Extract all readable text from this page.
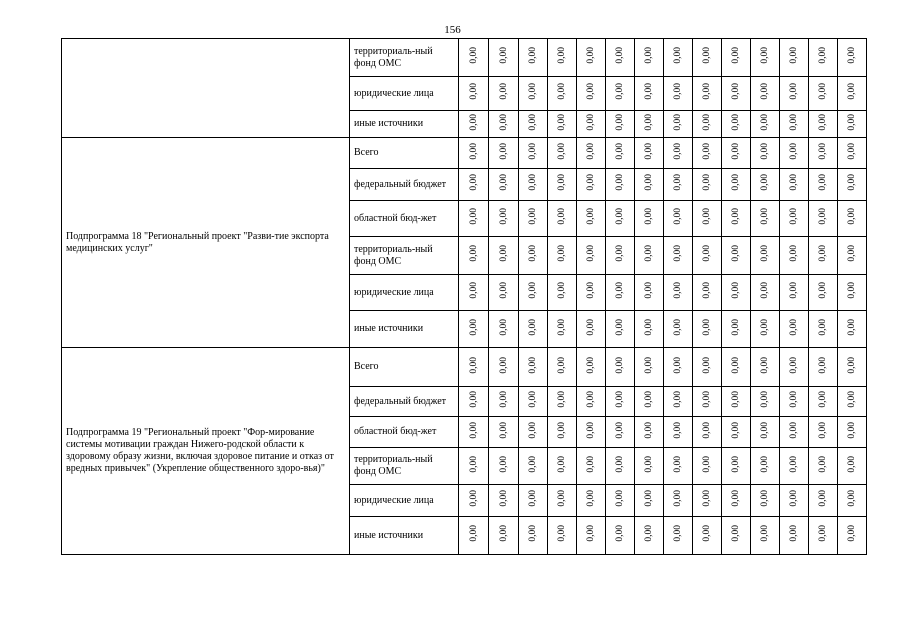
156
	территориаль-ный фонд ОМС	0,00	0,00	0,00	0,00	0,00	0,00	0,00	0,00	0,00	0,00	0,00	0,00	0,00	0,00
	юридические лица	0,00	0,00	0,00	0,00	0,00	0,00	0,00	0,00	0,00	0,00	0,00	0,00	0,00	0,00
	иные источники	0,00	0,00	0,00	0,00	0,00	0,00	0,00	0,00	0,00	0,00	0,00	0,00	0,00	0,00
Подпрограмма 18 "Региональный проект "Разви-тие экспорта медицинских услуг"	Всего	0,00	0,00	0,00	0,00	0,00	0,00	0,00	0,00	0,00	0,00	0,00	0,00	0,00	0,00
	федеральный бюджет	0,00	0,00	0,00	0,00	0,00	0,00	0,00	0,00	0,00	0,00	0,00	0,00	0,00	0,00
	областной бюд-жет	0,00	0,00	0,00	0,00	0,00	0,00	0,00	0,00	0,00	0,00	0,00	0,00	0,00	0,00
	территориаль-ный фонд ОМС	0,00	0,00	0,00	0,00	0,00	0,00	0,00	0,00	0,00	0,00	0,00	0,00	0,00	0,00
	юридические лица	0,00	0,00	0,00	0,00	0,00	0,00	0,00	0,00	0,00	0,00	0,00	0,00	0,00	0,00
	иные источники	0,00	0,00	0,00	0,00	0,00	0,00	0,00	0,00	0,00	0,00	0,00	0,00	0,00	0,00
Подпрограмма 19 "Региональный проект "Фор-мирование системы мотивации граждан Нижего-родской области к здоровому образу жизни, включая здоровое питание и отказ от вредных привычек" (Укрепление общественного здоро-вья)"	Всего	0,00	0,00	0,00	0,00	0,00	0,00	0,00	0,00	0,00	0,00	0,00	0,00	0,00	0,00
	федеральный бюджет	0,00	0,00	0,00	0,00	0,00	0,00	0,00	0,00	0,00	0,00	0,00	0,00	0,00	0,00
	областной бюд-жет	0,00	0,00	0,00	0,00	0,00	0,00	0,00	0,00	0,00	0,00	0,00	0,00	0,00	0,00
	территориаль-ный фонд ОМС	0,00	0,00	0,00	0,00	0,00	0,00	0,00	0,00	0,00	0,00	0,00	0,00	0,00	0,00
	юридические лица	0,00	0,00	0,00	0,00	0,00	0,00	0,00	0,00	0,00	0,00	0,00	0,00	0,00	0,00
	иные источники	0,00	0,00	0,00	0,00	0,00	0,00	0,00	0,00	0,00	0,00	0,00	0,00	0,00	0,00
